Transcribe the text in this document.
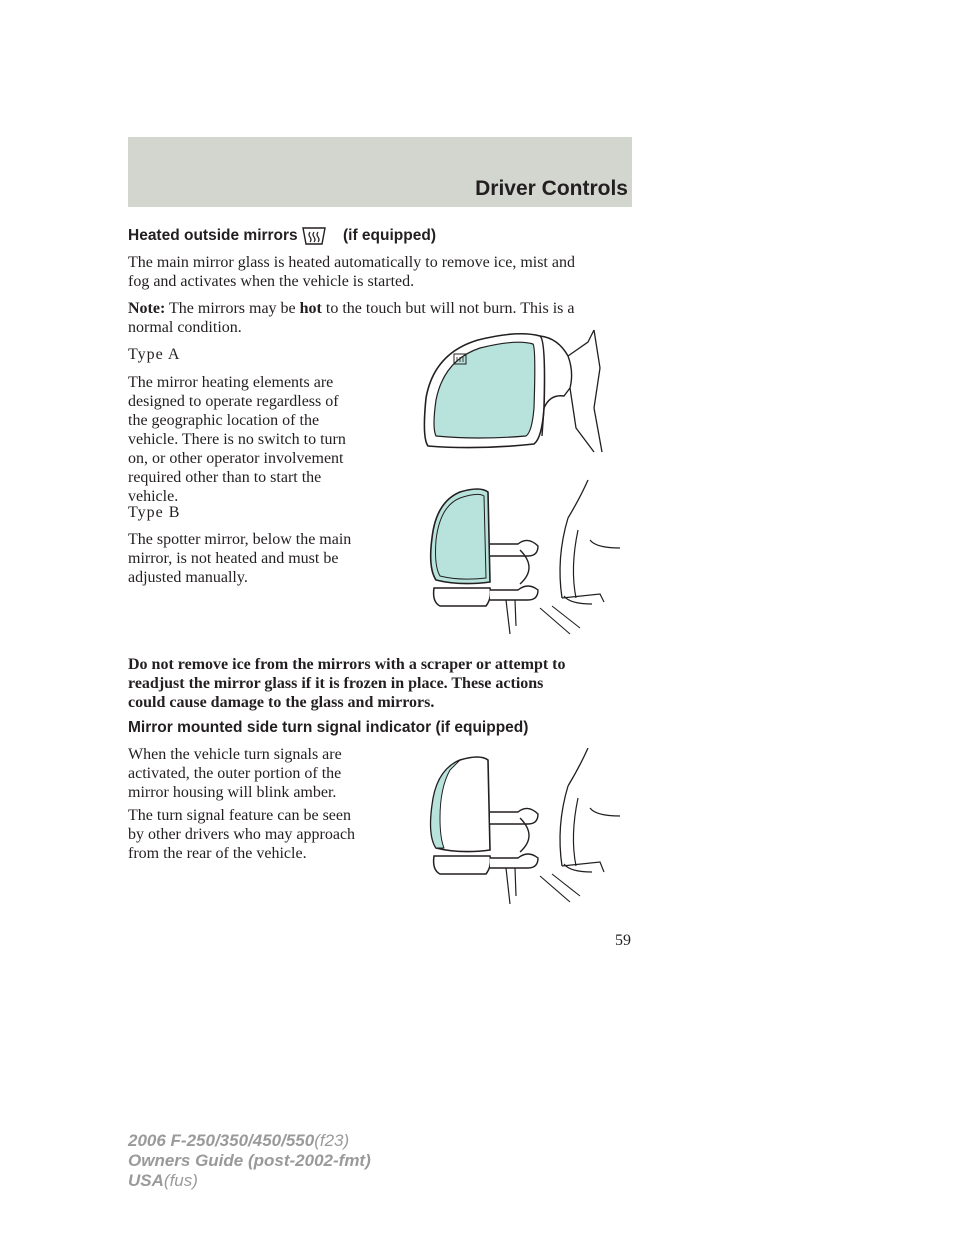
Driver Controls
Heated outside mirrors	(if equipped)
The main mirror glass is heated automatically to remove ice, mist and
fog and activates when the vehicle is started.
Note: The mirrors may be hot to the touch but will not burn. This is a
normal condition.
Type A
The mirror heating elements are
designed to operate regardless of
the geographic location of the
vehicle. There is no switch to turn
on, or other operator involvement
required other than to start the
vehicle.
Type B
The spotter mirror, below the main
mirror, is not heated and must be
adjusted manually.
Do not remove ice from the mirrors with a scraper or attempt to
readjust the mirror glass if it is frozen in place. These actions
could cause damage to the glass and mirrors.
Mirror mounted side turn signal indicator (if equipped)
When the vehicle turn signals are
activated, the outer portion of the
mirror housing will blink amber.
The turn signal feature can be seen
by other drivers who may approach
from the rear of the vehicle.
59
2006 F-250/350/450/550(f23)
Owners Guide (post-2002-fmt)
USA(fus)
